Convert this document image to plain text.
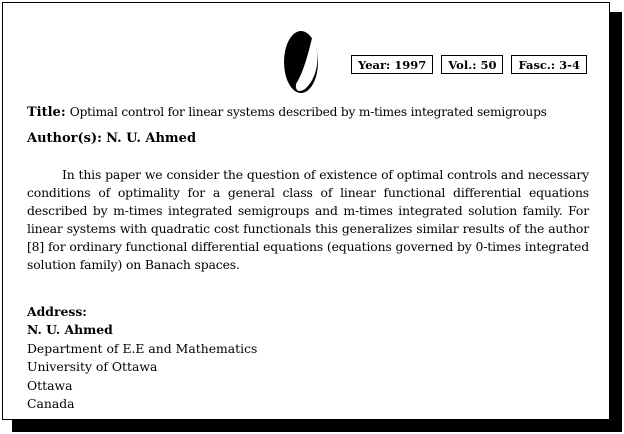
Year: 1997	Vol.: 50	Fasc.: 3-4
Title: Optimal control for linear systems described by m-times integrated semigroups
Author(s): N. U. Ahmed

In this paper we consider the question of existence of optimal controls and necessary conditions of optimality for a general class of linear functional differential equations described by m-times integrated semigroups and m-times integrated solution family. For linear systems with quadratic cost functionals this generalizes similar results of the author [8] for ordinary functional differential equations (equations governed by 0-times integrated solution family) on Banach spaces.

Address:
N. U. Ahmed
Department of E.E and Mathematics
University of Ottawa
Ottawa
Canada
